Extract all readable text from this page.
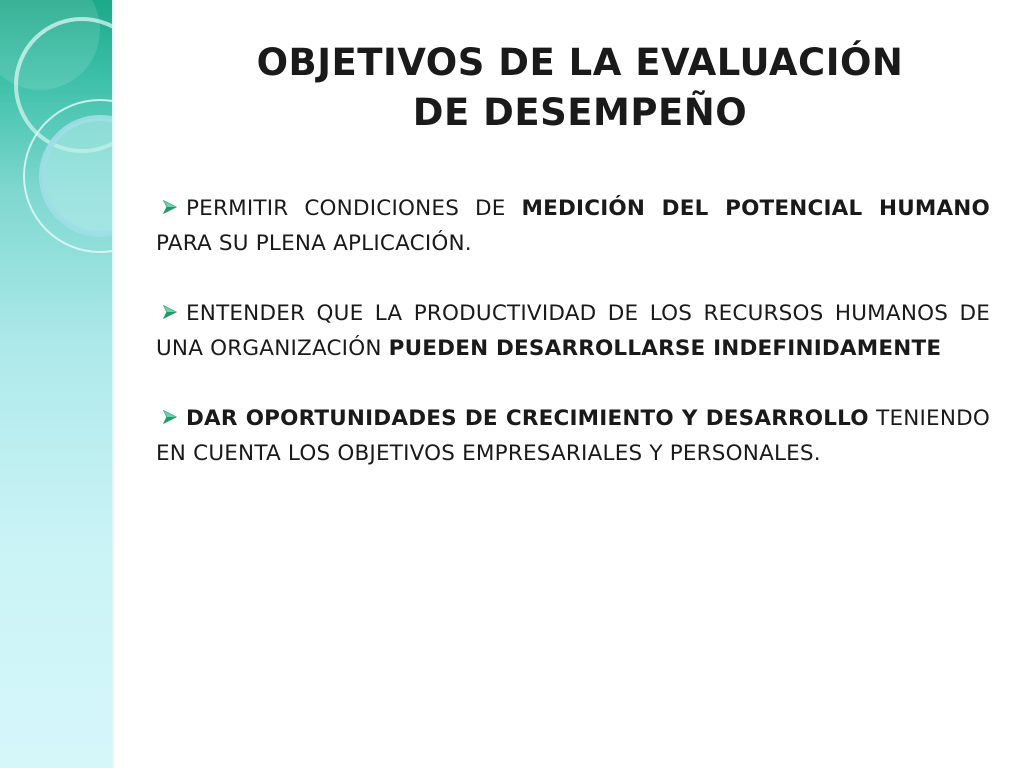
OBJETIVOS DE LA EVALUACIÓN
DE DESEMPEÑO
PERMITIR CONDICIONES DE MEDICIÓN DEL POTENCIAL HUMANO PARA SU PLENA APLICACIÓN.
ENTENDER QUE LA PRODUCTIVIDAD DE LOS RECURSOS HUMANOS DE UNA ORGANIZACIÓN PUEDEN DESARROLLARSE INDEFINIDAMENTE
DAR OPORTUNIDADES DE CRECIMIENTO Y DESARROLLO TENIENDO EN CUENTA LOS OBJETIVOS EMPRESARIALES Y PERSONALES.
